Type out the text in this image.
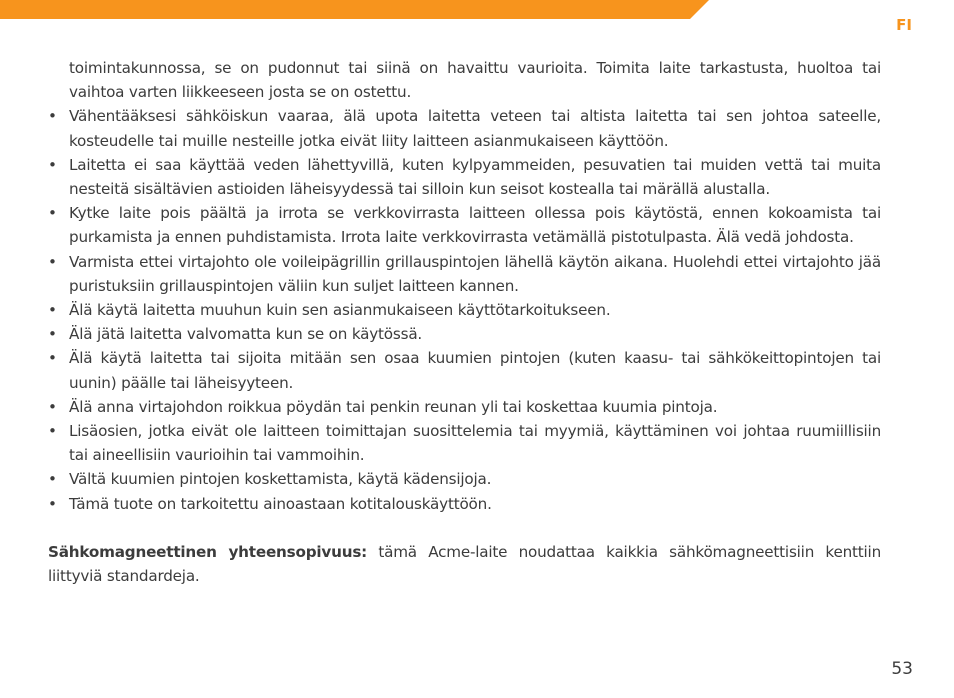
FI

toimintakunnossa, se on pudonnut tai siinä on havaittu vaurioita. Toimita laite tarkastusta, huoltoa tai vaihtoa varten liikkeeseen josta se on ostettu.

• Vähentääksesi sähköiskun vaaraa, älä upota laitetta veteen tai altista laitetta tai sen johtoa sateelle, kosteudelle tai muille nesteille jotka eivät liity laitteen asianmukaiseen käyttöön.
• Laitetta ei saa käyttää veden lähettyvillä, kuten kylpyammeiden, pesuvatien tai muiden vettä tai muita nesteitä sisältävien astioiden läheisyydessä tai silloin kun seisot kostealla tai märällä alustalla.
• Kytke laite pois päältä ja irrota se verkkovirrasta laitteen ollessa pois käytöstä, ennen kokoamista tai purkamista ja ennen puhdistamista. Irrota laite verkkovirrasta vetämällä pistotulpasta. Älä vedä johdosta.
• Varmista ettei virtajohto ole voileipägrillin grillauspintojen lähellä käytön aikana. Huolehdi ettei virtajohto jää puristuksiin grillauspintojen väliin kun suljet laitteen kannen.
• Älä käytä laitetta muuhun kuin sen asianmukaiseen käyttötarkoitukseen.
• Älä jätä laitetta valvomatta kun se on käytössä.
• Älä käytä laitetta tai sijoita mitään sen osaa kuumien pintojen (kuten kaasu- tai sähkökeittopintojen tai uunin) päälle tai läheisyyteen.
• Älä anna virtajohdon roikkua pöydän tai penkin reunan yli tai koskettaa kuumia pintoja.
• Lisäosien, jotka eivät ole laitteen toimittajan suosittelemia tai myymiä, käyttäminen voi johtaa ruumiillisiin tai aineellisiin vaurioihin tai vammoihin.
• Vältä kuumien pintojen koskettamista, käytä kädensijoja.
• Tämä tuote on tarkoitettu ainoastaan kotitalouskäyttöön.

Sähkomagneettinen yhteensopivuus: tämä Acme-laite noudattaa kaikkia sähkömagneettisiin kenttiin liittyviä standardeja.

53
